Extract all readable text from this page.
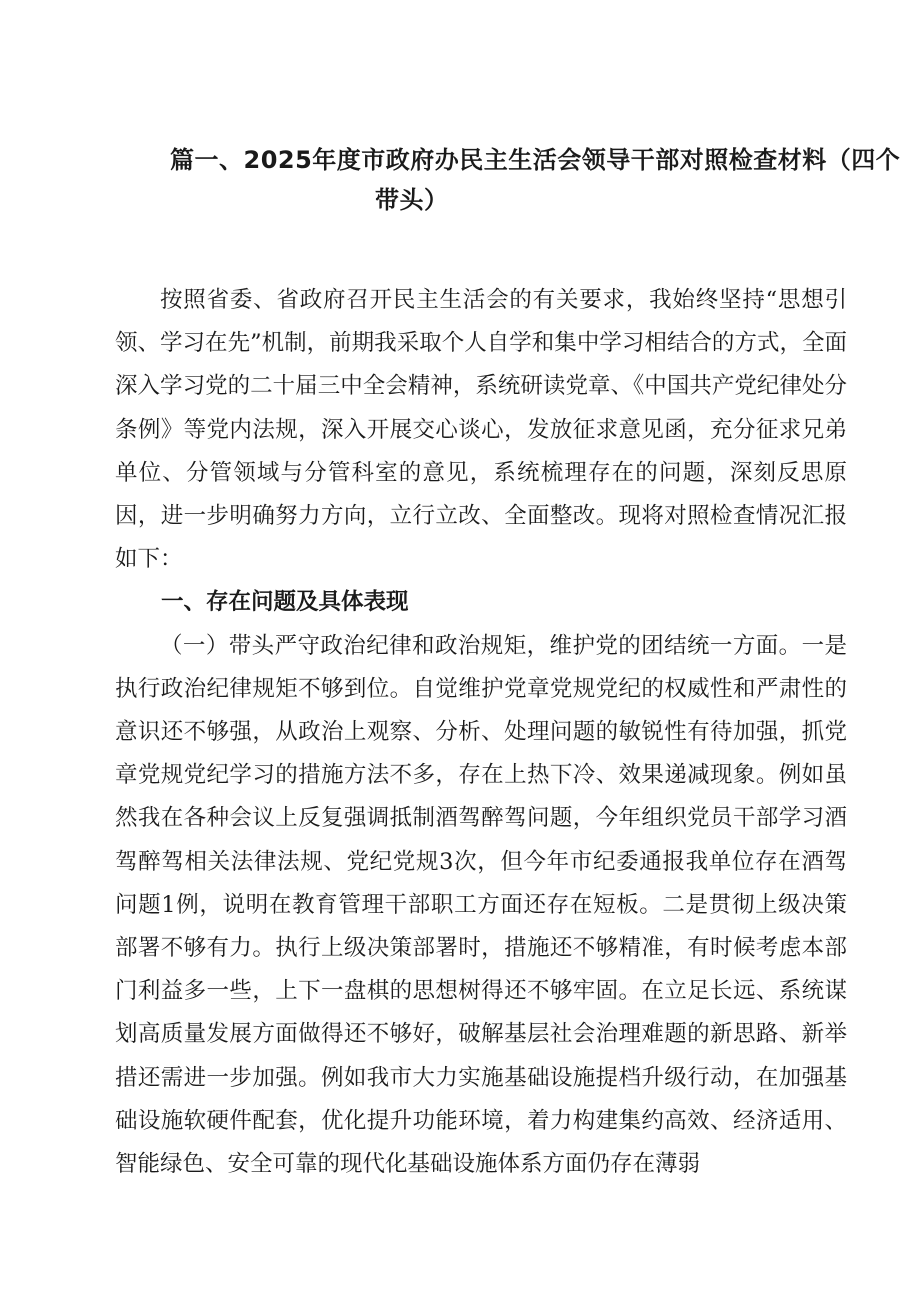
篇一、2025年度市政府办民主生活会领导干部对照检查材料（四个
带头）

按照省委、省政府召开民主生活会的有关要求，我始终坚持“思想引领、学习在先”机制，前期我采取个人自学和集中学习相结合的方式，全面深入学习党的二十届三中全会精神，系统研读党章、《中国共产党纪律处分条例》等党内法规，深入开展交心谈心，发放征求意见函，充分征求兄弟单位、分管领域与分管科室的意见，系统梳理存在的问题，深刻反思原因，进一步明确努力方向，立行立改、全面整改。现将对照检查情况汇报如下：

一、存在问题及具体表现

（一）带头严守政治纪律和政治规矩，维护党的团结统一方面。一是执行政治纪律规矩不够到位。自觉维护党章党规党纪的权威性和严肃性的意识还不够强，从政治上观察、分析、处理问题的敏锐性有待加强，抓党章党规党纪学习的措施方法不多，存在上热下冷、效果递减现象。例如虽然我在各种会议上反复强调抵制酒驾醉驾问题，今年组织党员干部学习酒驾醉驾相关法律法规、党纪党规3次，但今年市纪委通报我单位存在酒驾问题1例，说明在教育管理干部职工方面还存在短板。二是贯彻上级决策部署不够有力。执行上级决策部署时，措施还不够精准，有时候考虑本部门利益多一些，上下一盘棋的思想树得还不够牢固。在立足长远、系统谋划高质量发展方面做得还不够好，破解基层社会治理难题的新思路、新举措还需进一步加强。例如我市大力实施基础设施提档升级行动，在加强基础设施软硬件配套，优化提升功能环境，着力构建集约高效、经济适用、智能绿色、安全可靠的现代化基础设施体系方面仍存在薄弱
